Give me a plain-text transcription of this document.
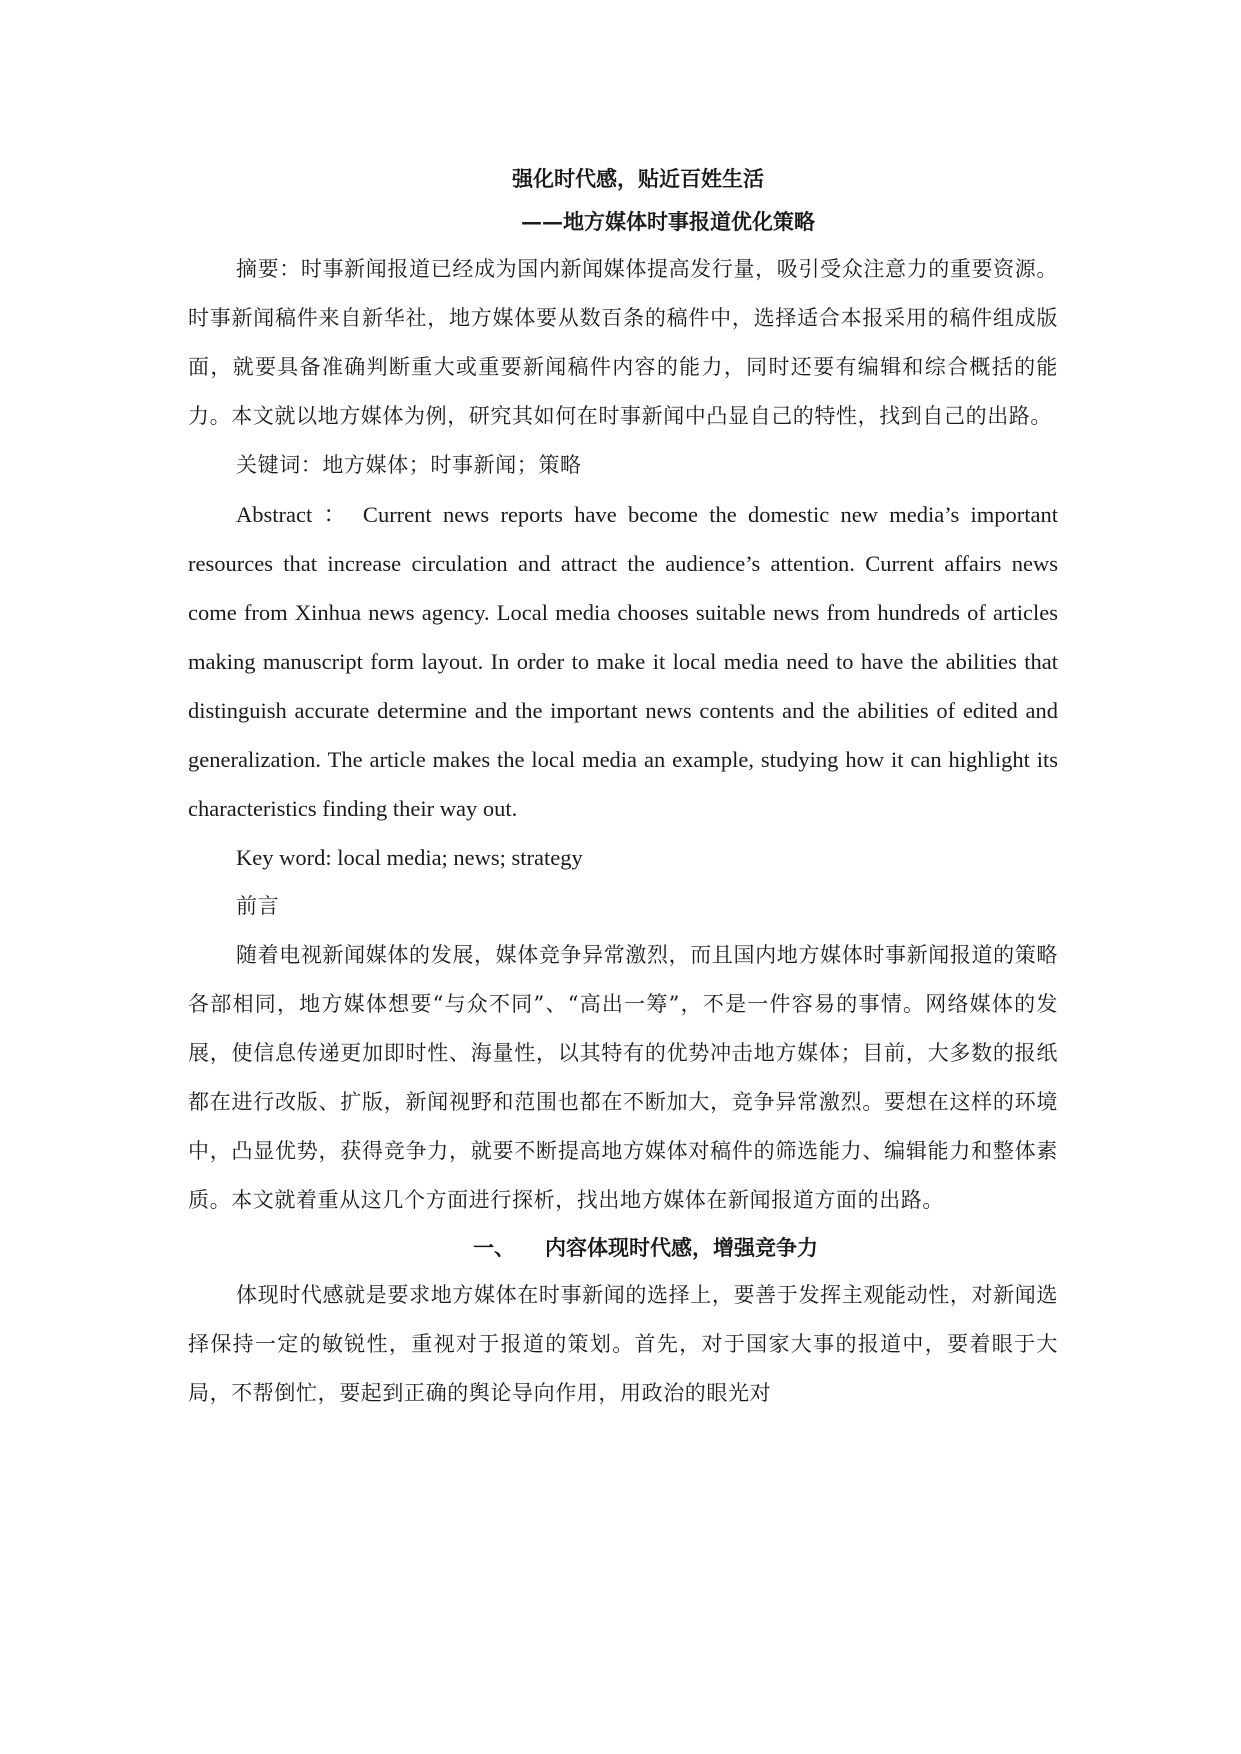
强化时代感，贴近百姓生活

——地方媒体时事报道优化策略

摘要：时事新闻报道已经成为国内新闻媒体提高发行量，吸引受众注意力的重要资源。时事新闻稿件来自新华社，地方媒体要从数百条的稿件中，选择适合本报采用的稿件组成版面，就要具备准确判断重大或重要新闻稿件内容的能力，同时还要有编辑和综合概括的能力。本文就以地方媒体为例，研究其如何在时事新闻中凸显自己的特性，找到自己的出路。

关键词：地方媒体；时事新闻；策略

Abstract ： Current news reports have become the domestic new media’s important resources that increase circulation and attract the audience’s attention. Current affairs news come from Xinhua news agency. Local media chooses suitable news from hundreds of articles making manuscript form layout. In order to make it local media need to have the abilities that distinguish accurate determine and the important news contents and the abilities of edited and generalization. The article makes the local media an example, studying how it can highlight its characteristics finding their way out.

Key word: local media; news; strategy

前言

随着电视新闻媒体的发展，媒体竞争异常激烈，而且国内地方媒体时事新闻报道的策略各部相同，地方媒体想要“与众不同”、“高出一筹”，不是一件容易的事情。网络媒体的发展，使信息传递更加即时性、海量性，以其特有的优势冲击地方媒体；目前，大多数的报纸都在进行改版、扩版，新闻视野和范围也都在不断加大，竞争异常激烈。要想在这样的环境中，凸显优势，获得竞争力，就要不断提高地方媒体对稿件的筛选能力、编辑能力和整体素质。本文就着重从这几个方面进行探析，找出地方媒体在新闻报道方面的出路。

一、 内容体现时代感，增强竞争力

体现时代感就是要求地方媒体在时事新闻的选择上，要善于发挥主观能动性，对新闻选择保持一定的敏锐性，重视对于报道的策划。首先，对于国家大事的报道中，要着眼于大局，不帮倒忙，要起到正确的舆论导向作用，用政治的眼光对
